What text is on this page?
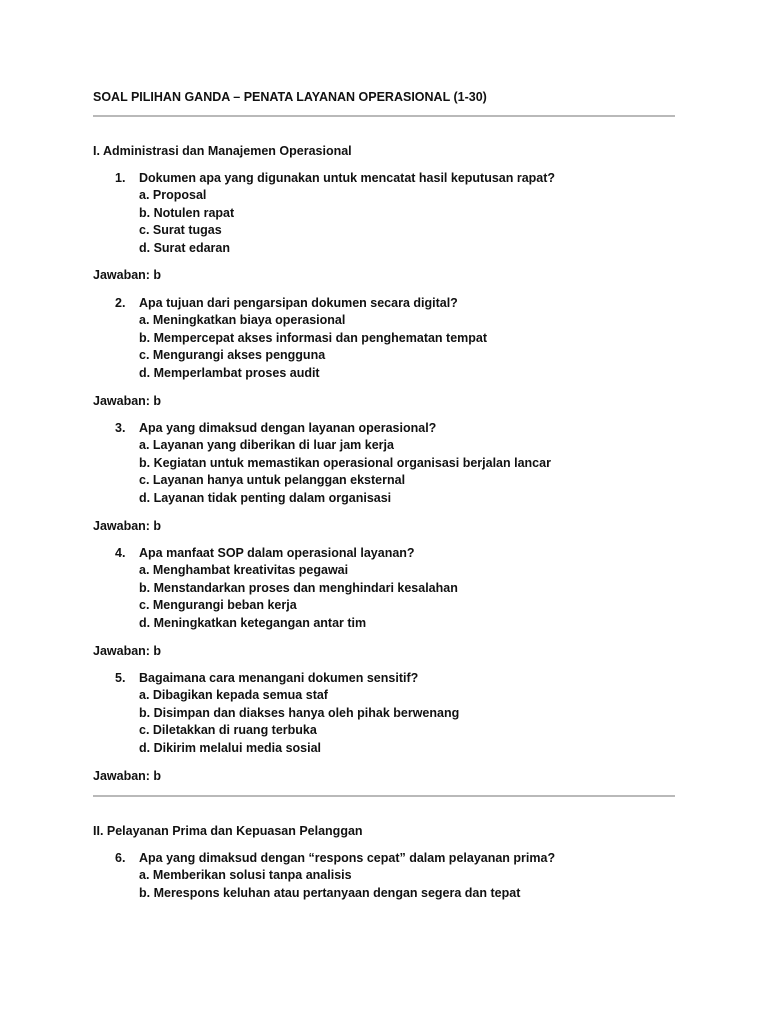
SOAL PILIHAN GANDA – PENATA LAYANAN OPERASIONAL (1-30)
I. Administrasi dan Manajemen Operasional
1.	Dokumen apa yang digunakan untuk mencatat hasil keputusan rapat?
a. Proposal
b. Notulen rapat
c. Surat tugas
d. Surat edaran
Jawaban: b
2.	Apa tujuan dari pengarsipan dokumen secara digital?
a. Meningkatkan biaya operasional
b. Mempercepat akses informasi dan penghematan tempat
c. Mengurangi akses pengguna
d. Memperlambat proses audit
Jawaban: b
3.	Apa yang dimaksud dengan layanan operasional?
a. Layanan yang diberikan di luar jam kerja
b. Kegiatan untuk memastikan operasional organisasi berjalan lancar
c. Layanan hanya untuk pelanggan eksternal
d. Layanan tidak penting dalam organisasi
Jawaban: b
4.	Apa manfaat SOP dalam operasional layanan?
a. Menghambat kreativitas pegawai
b. Menstandarkan proses dan menghindari kesalahan
c. Mengurangi beban kerja
d. Meningkatkan ketegangan antar tim
Jawaban: b
5.	Bagaimana cara menangani dokumen sensitif?
a. Dibagikan kepada semua staf
b. Disimpan dan diakses hanya oleh pihak berwenang
c. Diletakkan di ruang terbuka
d. Dikirim melalui media sosial
Jawaban: b
II. Pelayanan Prima dan Kepuasan Pelanggan
6.	Apa yang dimaksud dengan “respons cepat” dalam pelayanan prima?
a. Memberikan solusi tanpa analisis
b. Merespons keluhan atau pertanyaan dengan segera dan tepat
